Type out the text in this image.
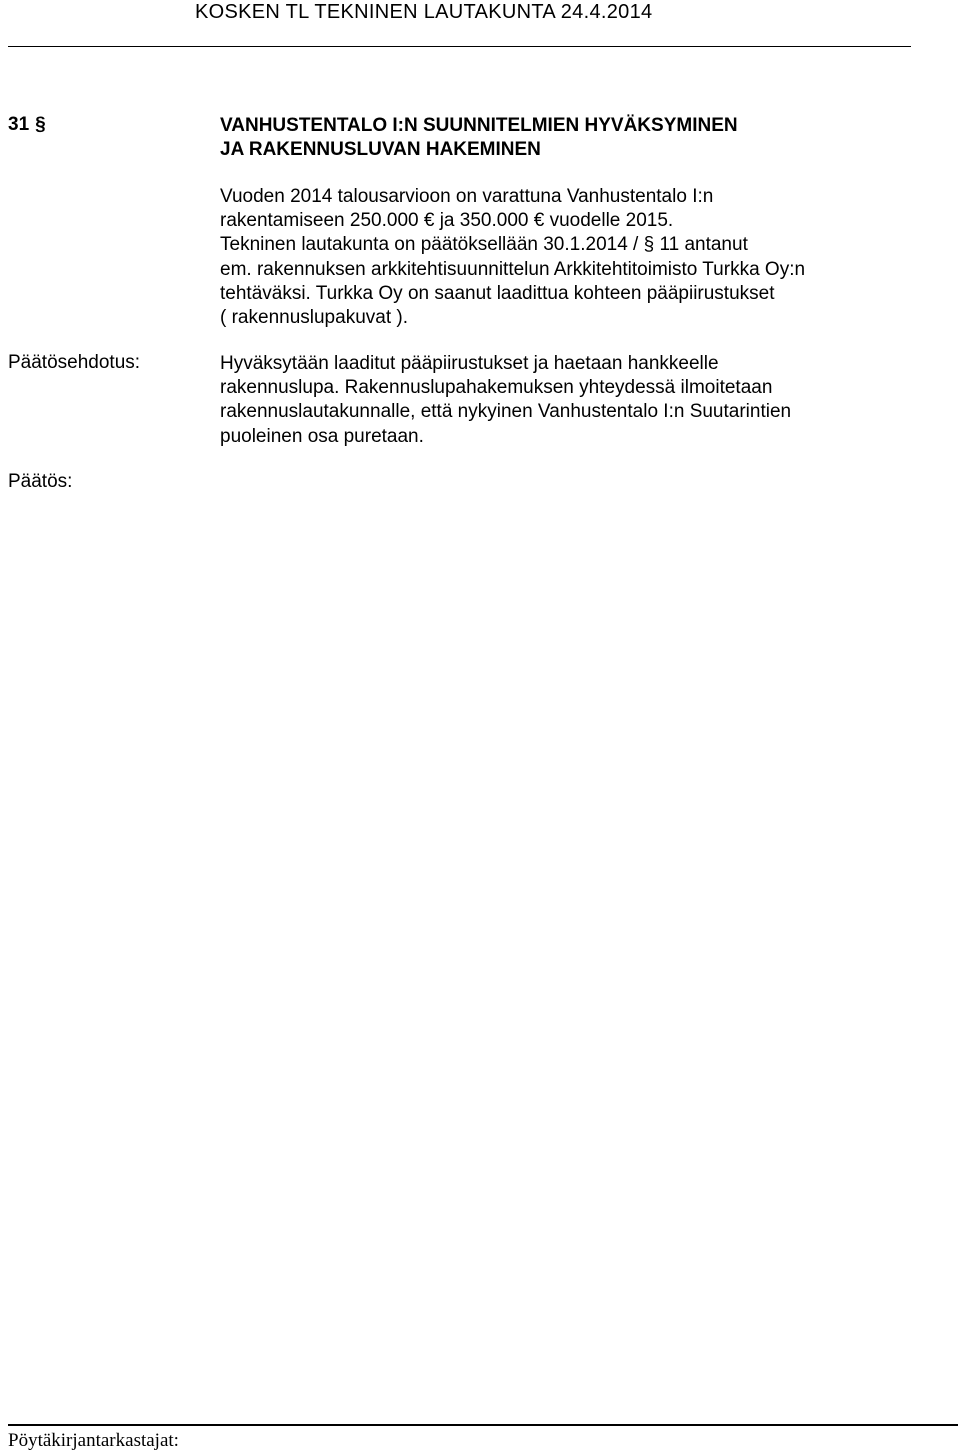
KOSKEN TL TEKNINEN LAUTAKUNTA 24.4.2014
31 §	VANHUSTENTALO I:N SUUNNITELMIEN HYVÄKSYMINEN
JA RAKENNUSLUVAN HAKEMINEN
Vuoden 2014 talousarvioon on varattuna Vanhustentalo I:n
rakentamiseen 250.000 € ja 350.000 € vuodelle 2015.
Tekninen lautakunta on päätöksellään 30.1.2014 / § 11 antanut
em. rakennuksen arkkitehtisuunnittelun Arkkitehtitoimisto Turkka Oy:n
tehtäväksi. Turkka Oy on saanut laadittua kohteen pääpiirustukset
( rakennuslupakuvat ).
Päätösehdotus:	Hyväksytään laaditut pääpiirustukset ja haetaan hankkeelle
rakennuslupa. Rakennuslupahakemuksen yhteydessä ilmoitetaan
rakennuslautakunnalle, että nykyinen Vanhustentalo I:n Suutarintien
puoleinen osa puretaan.
Päätös:
Pöytäkirjantarkastajat:
